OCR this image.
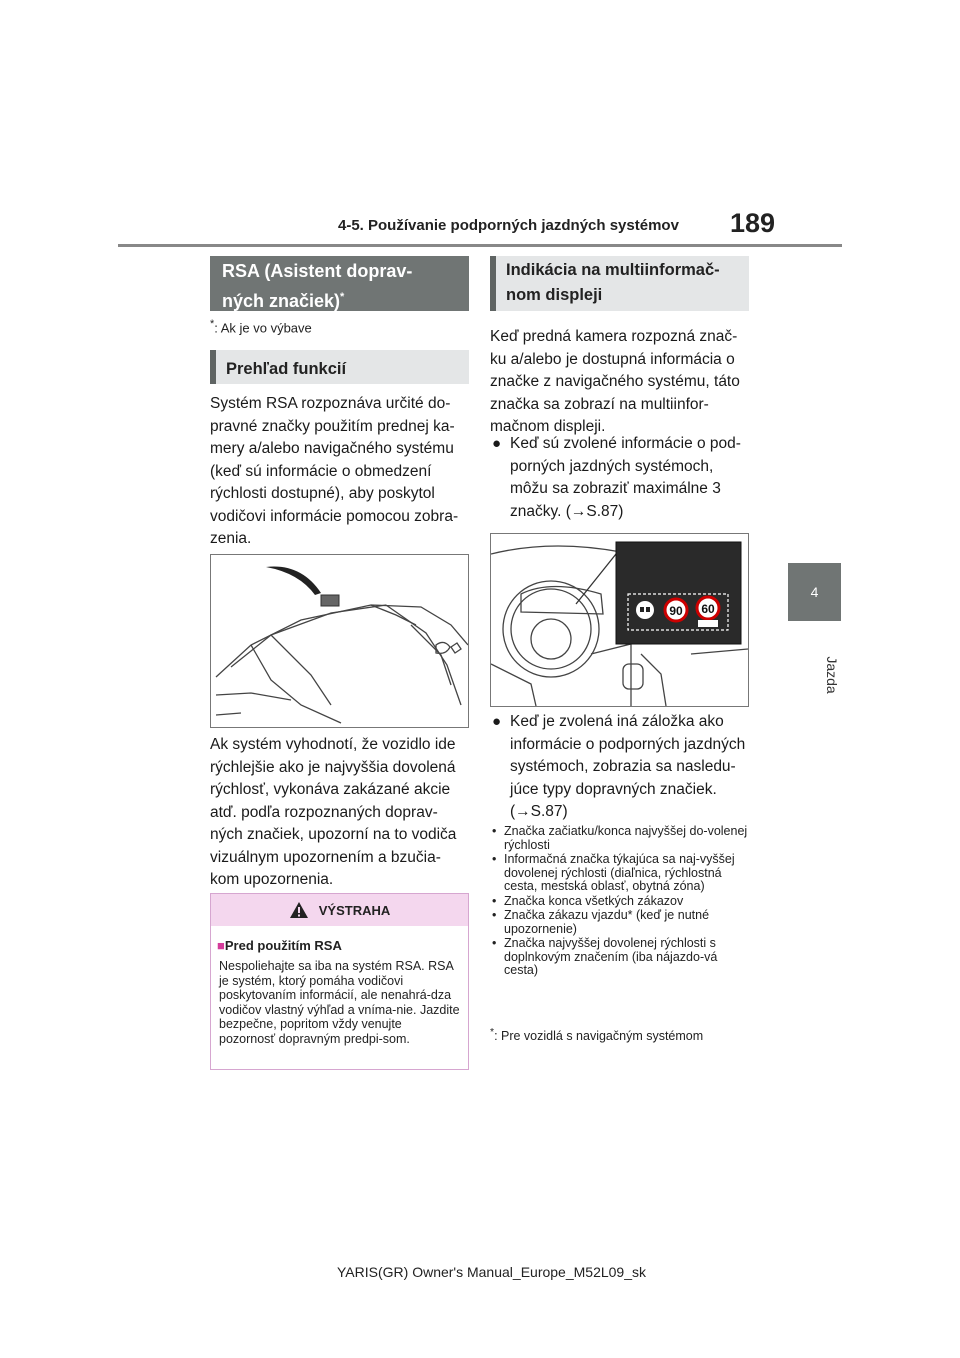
4-5. Používanie podporných jazdných systémov	189
4
Jazda
RSA (Asistent doprav-
ných značiek)*
*: Ak je vo výbave
Prehľad funkcií
Systém RSA rozpoznáva určité do-pravné značky použitím prednej ka-mery a/alebo navigačného systému (keď sú informácie o obmedzení rýchlosti dostupné), aby poskytol vodičovi informácie pomocou zobra-zenia.
Ak systém vyhodnotí, že vozidlo ide rýchlejšie ako je najvyššia dovolená rýchlosť, vykonáva zakázané akcie atď. podľa rozpoznaných doprav-ných značiek, upozorní na to vodiča vizuálnym upozornením a bzučia-kom upozornenia.
VÝSTRAHA
■Pred použitím RSA
Nespoliehajte sa iba na systém RSA. RSA je systém, ktorý pomáha vodičovi poskytovaním informácií, ale nenahrá-dza vodičov vlastný výhľad a vníma-nie. Jazdite bezpečne, popritom vždy venujte pozornosť dopravným predpi-som.
Indikácia na multiinformač-nom displeji
Keď predná kamera rozpozná znač-ku a/alebo je dostupná informácia o značke z navigačného systému, táto značka sa zobrazí na multiinfor-mačnom displeji.
● Keď sú zvolené informácie o pod-porných jazdných systémoch, môžu sa zobraziť maximálne 3 značky. (→S.87)
90 60
● Keď je zvolená iná záložka ako informácie o podporných jazdných systémoch, zobrazia sa nasledu-júce typy dopravných značiek. (→S.87)
• Značka začiatku/konca najvyššej do-volenej rýchlosti
• Informačná značka týkajúca sa naj-vyššej dovolenej rýchlosti (diaľnica, rýchlostná cesta, mestská oblasť, obytná zóna)
• Značka konca všetkých zákazov
• Značka zákazu vjazdu* (keď je nutné upozornenie)
• Značka najvyššej dovolenej rýchlosti s doplnkovým značením (iba nájazdo-vá cesta)
*: Pre vozidlá s navigačným systémom
YARIS(GR) Owner's Manual_Europe_M52L09_sk
